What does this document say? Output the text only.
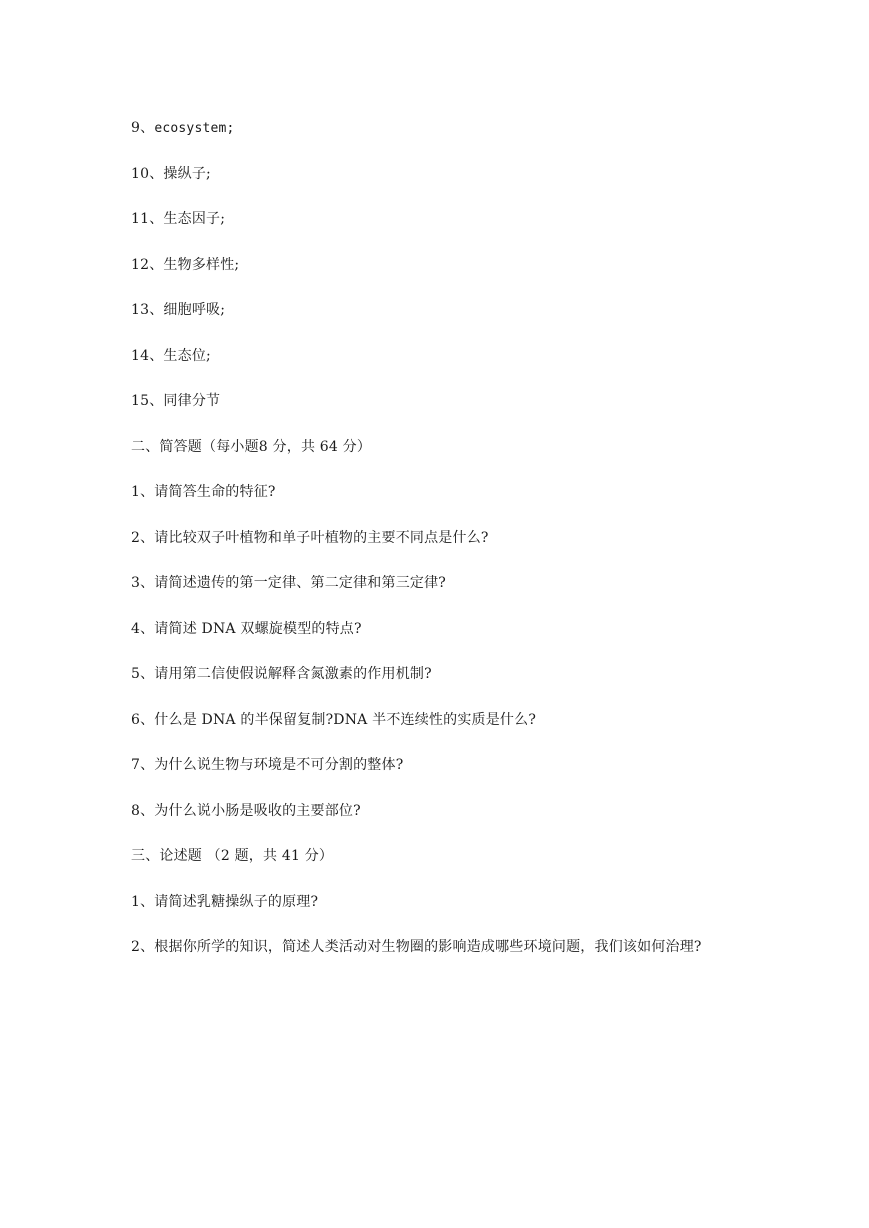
9、ecosystem;
10、操纵子;
11、生态因子;
12、生物多样性;
13、细胞呼吸;
14、生态位;
15、同律分节
二、简答题（每小题8 分，共 64 分）
1、请简答生命的特征?
2、请比较双子叶植物和单子叶植物的主要不同点是什么?
3、请简述遗传的第一定律、第二定律和第三定律?
4、请简述 DNA 双螺旋模型的特点?
5、请用第二信使假说解释含氮激素的作用机制?
6、什么是 DNA 的半保留复制?DNA 半不连续性的实质是什么?
7、为什么说生物与环境是不可分割的整体?
8、为什么说小肠是吸收的主要部位?
三、论述题 （2 题，共 41 分）
1、请简述乳糖操纵子的原理?
2、根据你所学的知识，简述人类活动对生物圈的影响造成哪些环境问题，我们该如何治理?
